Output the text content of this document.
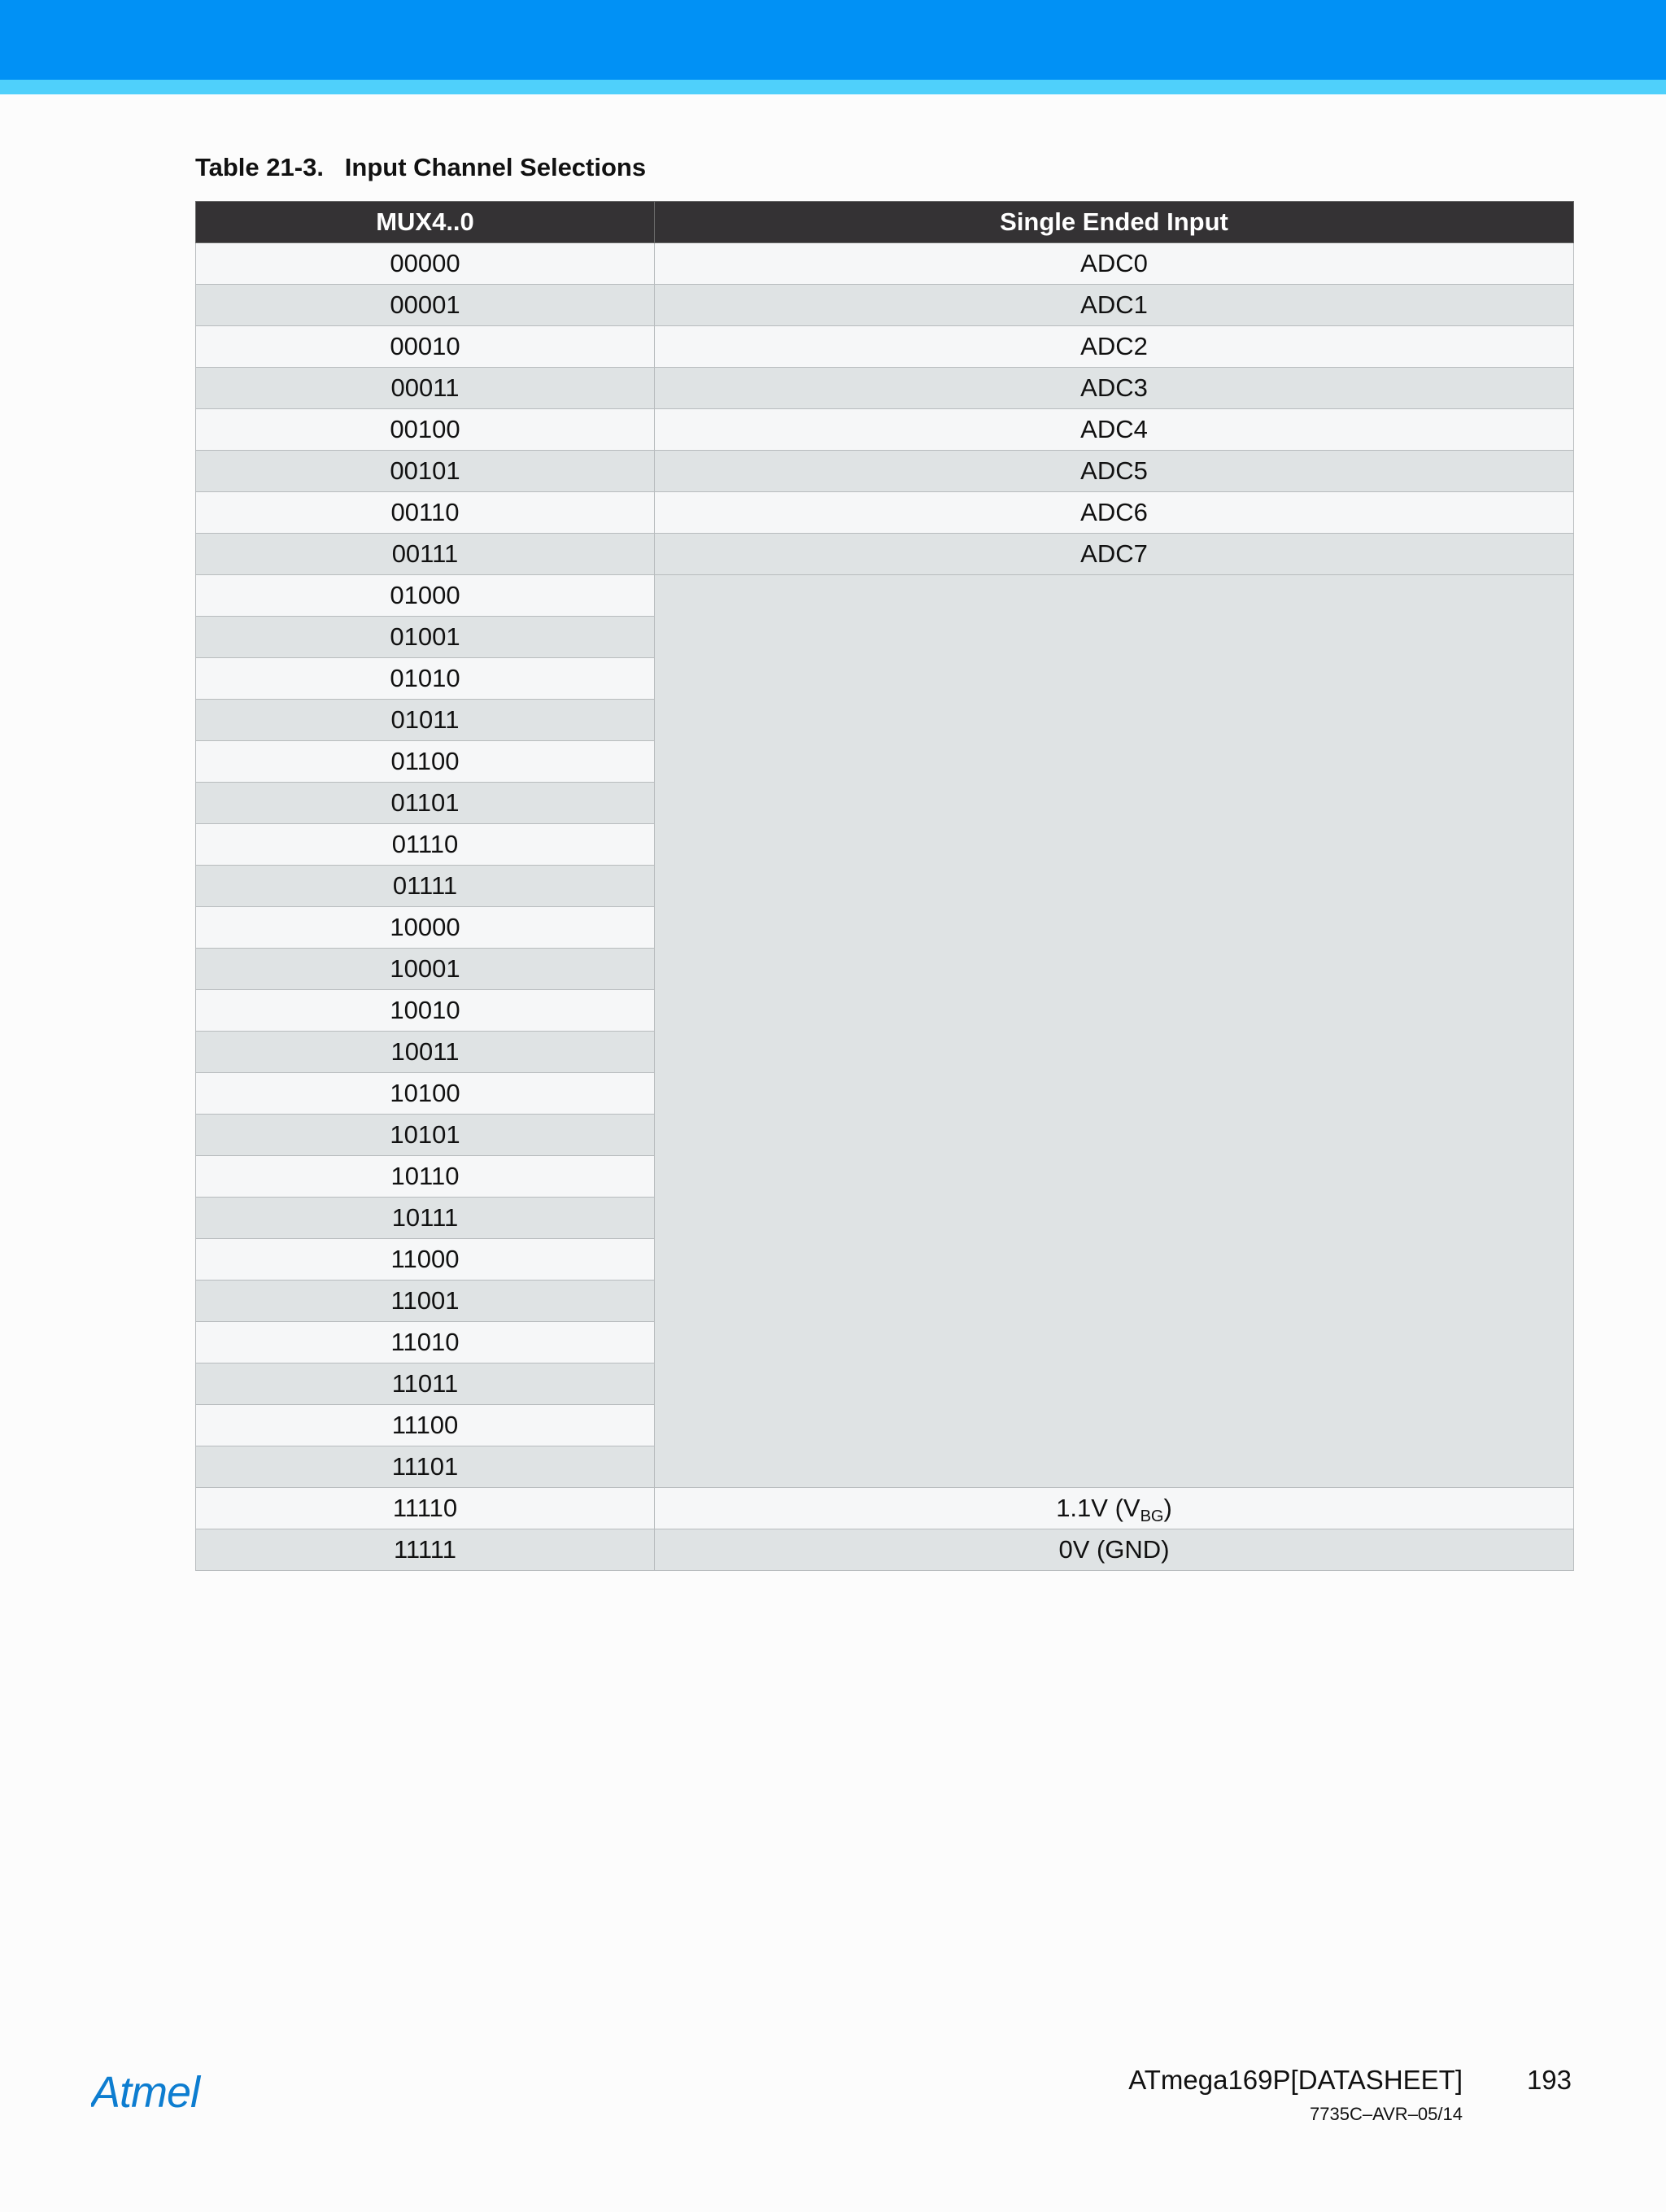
Table 21-3. Input Channel Selections
MUX4..0	Single Ended Input
00000	ADC0
00001	ADC1
00010	ADC2
00011	ADC3
00100	ADC4
00101	ADC5
00110	ADC6
00111	ADC7
01000	
01001	
01010	
01011	
01100	
01101	
01110	
01111	
10000	
10001	
10010	
10011	
10100	
10101	
10110	
10111	
11000	
11001	
11010	
11011	
11100	
11101	
11110	1.1V $(V_{BG})$
11111	0V (GND)
Atmel	ATmega169P[DATASHEET]	193
7735C–AVR–05/14
